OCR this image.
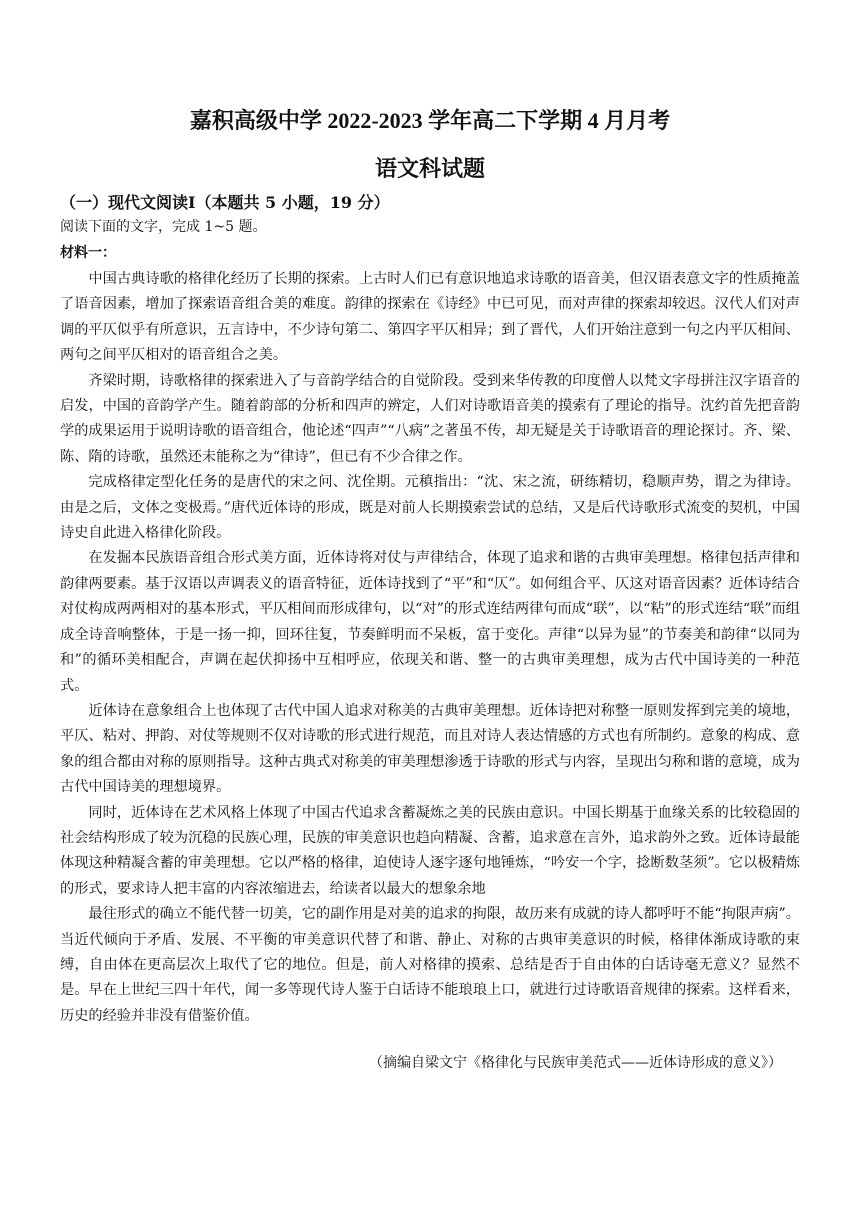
嘉积高级中学 2022-2023 学年高二下学期 4 月月考
语文科试题
（一）现代文阅读Ⅰ（本题共 5 小题，19 分）
阅读下面的文字，完成 1~5 题。
材料一：

中国古典诗歌的格律化经历了长期的探索。上古时人们已有意识地追求诗歌的语音美，但汉语表意文字的性质掩盖了语音因素，增加了探索语音组合美的难度。韵律的探索在《诗经》中已可见，而对声律的探索却较迟。汉代人们对声调的平仄似乎有所意识，五言诗中，不少诗句第二、第四字平仄相异；到了晋代，人们开始注意到一句之内平仄相间、两句之间平仄相对的语音组合之美。

齐梁时期，诗歌格律的探索进入了与音韵学结合的自觉阶段。受到来华传教的印度僧人以梵文字母拼注汉字语音的启发，中国的音韵学产生。随着韵部的分析和四声的辨定，人们对诗歌语音美的摸索有了理论的指导。沈约首先把音韵学的成果运用于说明诗歌的语音组合，他论述“四声”“八病”之著虽不传，却无疑是关于诗歌语音的理论探讨。齐、梁、陈、隋的诗歌，虽然还未能称之为“律诗”，但已有不少合律之作。

完成格律定型化任务的是唐代的宋之问、沈佺期。元稹指出：“沈、宋之流，研练精切，稳顺声势，谓之为律诗。由是之后，文体之变极焉。”唐代近体诗的形成，既是对前人长期摸索尝试的总结，又是后代诗歌形式流变的契机，中国诗史自此进入格律化阶段。

在发掘本民族语音组合形式美方面，近体诗将对仗与声律结合，体现了追求和谐的古典审美理想。格律包括声律和韵律两要素。基于汉语以声调表义的语音特征，近体诗找到了“平”和“仄”。如何组合平、仄这对语音因素？近体诗结合对仗构成两两相对的基本形式，平仄相间而形成律句，以“对”的形式连结两律句而成“联”，以“粘”的形式连结“联”而组成全诗音响整体，于是一扬一抑，回环往复，节奏鲜明而不呆板，富于变化。声律“以异为显”的节奏美和韵律“以同为和”的循环美相配合，声调在起伏抑扬中互相呼应，依现关和谐、整一的古典审美理想，成为古代中国诗美的一种范式。

近体诗在意象组合上也体现了古代中国人追求对称美的古典审美理想。近体诗把对称整一原则发挥到完美的境地，平仄、粘对、押韵、对仗等规则不仅对诗歌的形式进行规范，而且对诗人表达情感的方式也有所制约。意象的构成、意象的组合都由对称的原则指导。这种古典式对称美的审美理想渗透于诗歌的形式与内容，呈现出匀称和谐的意境，成为古代中国诗美的理想境界。

同时，近体诗在艺术风格上体现了中国古代追求含蓄凝炼之美的民族由意识。中国长期基于血缘关系的比较稳固的社会结构形成了较为沉稳的民族心理，民族的审美意识也趋向精凝、含蓄，追求意在言外，追求韵外之致。近体诗最能体现这种精凝含蓄的审美理想。它以严格的格律，迫使诗人逐字逐句地锤炼，“吟安一个字，捻断数茎须”。它以极精炼的形式，要求诗人把丰富的内容浓缩进去，给读者以最大的想象余地

最往形式的确立不能代替一切美，它的副作用是对美的追求的拘限，故历来有成就的诗人都呼吁不能“拘限声病”。当近代倾向于矛盾、发展、不平衡的审美意识代替了和谐、静止、对称的古典审美意识的时候，格律体渐成诗歌的束缚，自由体在更高层次上取代了它的地位。但是，前人对格律的摸索、总结是否于自由体的白话诗毫无意义？显然不是。早在上世纪三四十年代，闻一多等现代诗人鉴于白话诗不能琅琅上口，就进行过诗歌语音规律的探索。这样看来，历史的经验并非没有借鉴价值。

（摘编自梁文宁《格律化与民族审美范式——近体诗形成的意义》）
